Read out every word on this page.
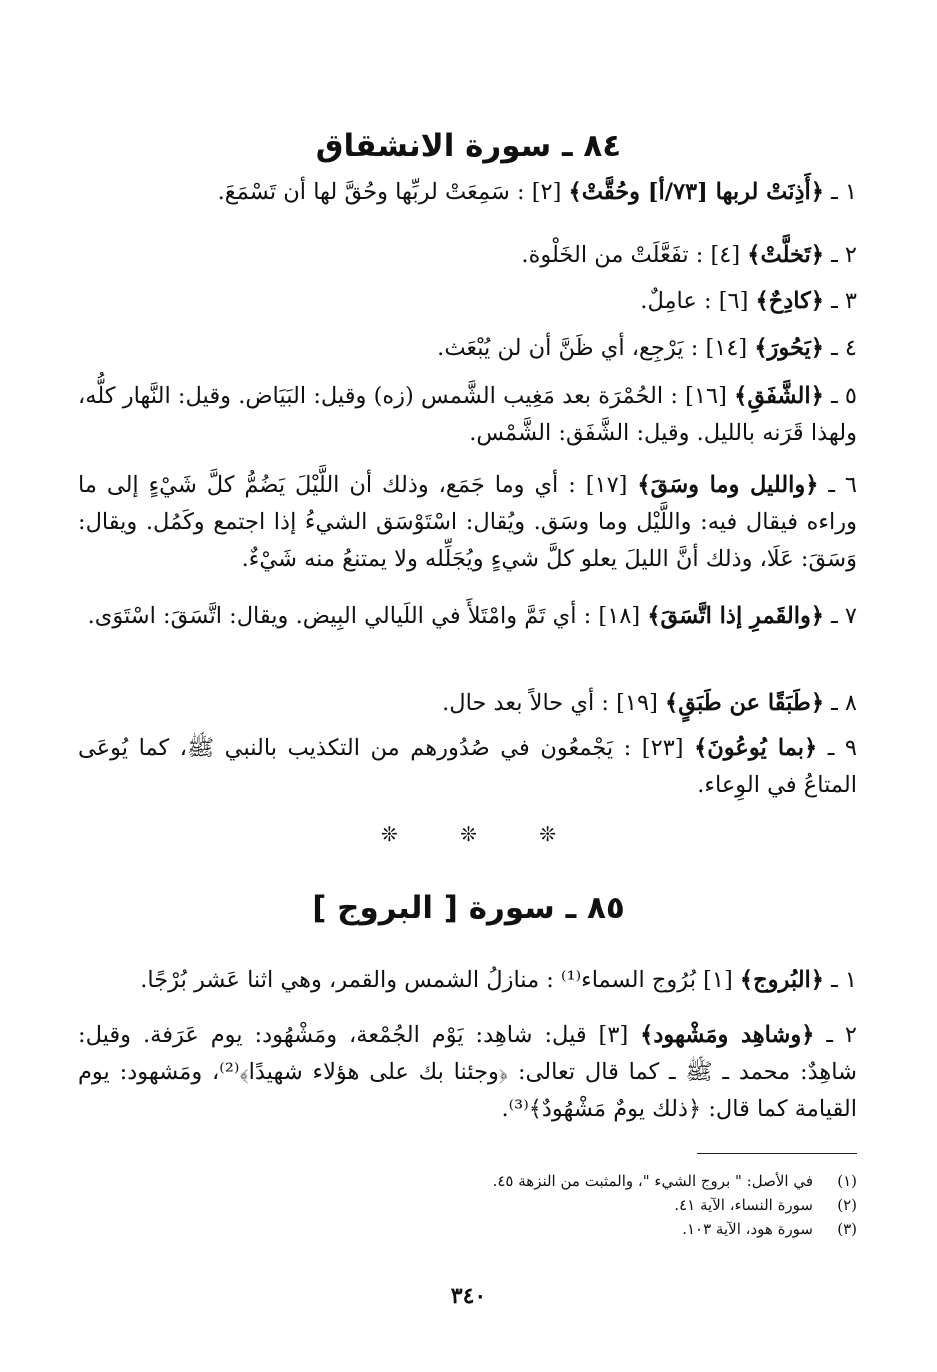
٨٤ ـ سورة الانشقاق

١ ـ ﴿أَذِنَتْ لربها [٧٣/أ] وحُقَّتْ﴾ [٢] : سَمِعَتْ لربِّها وحُقَّ لها أن تَسْمَعَ.

٢ ـ ﴿تَخلَّتْ﴾ [٤] : تفَعَّلَتْ من الخَلْوة.

٣ ـ ﴿كادِحٌ﴾ [٦] : عامِلٌ.

٤ ـ ﴿يَحُورَ﴾ [١٤] : يَرْجِع، أي ظَنَّ أن لن يُبْعَث.

٥ ـ ﴿الشَّفَقِ﴾ [١٦] : الحُمْرَة بعد مَغِيب الشَّمس (زه) وقيل: البَيَاض. وقيل: النَّهار كلُّه، ولهذا قَرَنه بالليل. وقيل: الشَّفَق: الشَّمْس.

٦ ـ ﴿والليل وما وسَقَ﴾ [١٧] : أي وما جَمَع، وذلك أن اللَّيْلَ يَضُمُّ كلَّ شَيْءٍ إلى ما وراءه فيقال فيه: واللَّيْل وما وسَق. ويُقال: اسْتَوْسَق الشيءُ إذا اجتمع وكَمُل. ويقال: وَسَقَ: عَلَا، وذلك أنَّ الليلَ يعلو كلَّ شيءٍ ويُجَلِّله ولا يمتنعُ منه شَيْءٌ.

٧ ـ ﴿والقَمرِ إذا اتَّسَقَ﴾ [١٨] : أي تَمَّ وامْتَلأَ في اللَيالي البِيض. ويقال: اتَّسَقَ: اسْتَوَى.

٨ ـ ﴿طَبَقًا عن طَبَقٍ﴾ [١٩] : أي حالاً بعد حال.

٩ ـ ﴿بما يُوعُونَ﴾ [٢٣] : يَجْمعُون في صُدُورهم من التكذيب بالنبي ﷺ، كما يُوعَى المتاعُ في الوِعاء.

❊ ❊ ❊
٨٥ ـ سورة [ البروج ]

١ ـ ﴿البُروج﴾ [١] بُرُوج السماء⁽¹⁾ : منازلُ الشمس والقمر، وهي اثنا عَشر بُرْجًا.

٢ ـ ﴿وشاهِد ومَشْهود﴾ [٣] قيل: شاهِد: يَوْم الجُمْعة، ومَشْهُود: يوم عَرَفة. وقيل: شاهِدٌ: محمد ـ ﷺ ـ كما قال تعالى: ﴿وجئنا بك على هؤلاء شهيدًا﴾⁽²⁾، ومَشهود: يوم القيامة كما قال: ﴿ذلك يومٌ مَشْهُودٌ﴾⁽³⁾.

(١)في الأصل: " بروج الشيء "، والمثبت من النزهة ٤٥.
(٢)سورة النساء، الآية ٤١.
(٣)سورة هود، الآية ١٠٣.
٣٤٠
